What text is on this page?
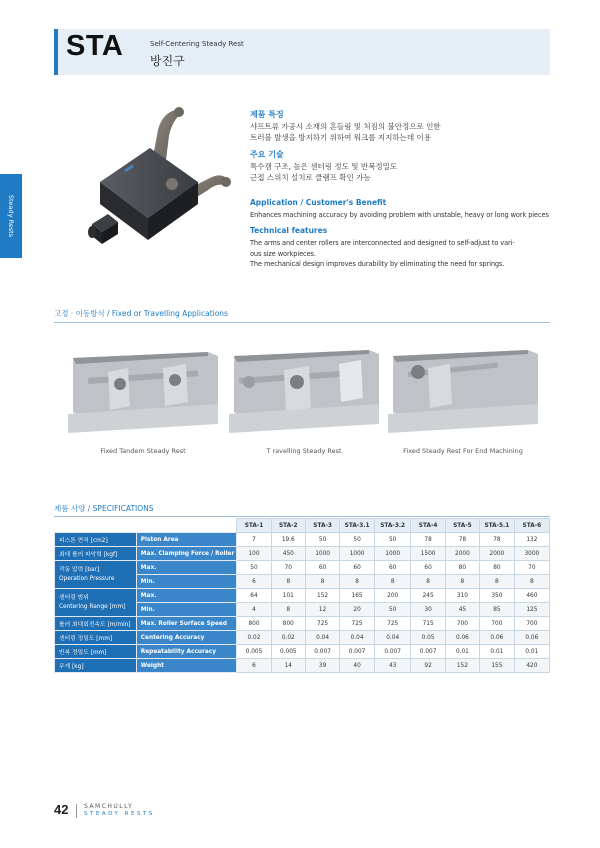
STA	Self-Centering Steady Rest
방진구
Steady Rests
제품 특징
샤프트류 가공시 소재의 흔들림 및 처짐의 불안정으로 인한
트러블 발생을 방지하기 위하여 워크를 지지하는데 이용
주요 기술
특수캠 구조, 높은 센터링 정도 및 반복정밀도
근접 스위치 설치로 클램프 확인 가능
Application / Customer's Benefit
Enhances machining accuracy by avoiding problem with unstable, heavy or long work pieces
Technical features
The arms and center rollers are interconnected and designed to self-adjust to vari-
ous size workpieces.
The mechanical design improves durability by eliminating the need for springs.
고정 · 이동방식 / Fixed or Travelling Applications
Fixed Tandem Steady Rest	T ravelling Steady Rest	Fixed Steady Rest For End Machining
제품 사양 / SPECIFICATIONS
		STA-1	STA-2	STA-3	STA-3.1	STA-3.2	STA-4	STA-5	STA-5.1	STA-6
피스톤 면적 [cm2]	Piston Area	7	19.6	50	50	50	78	78	78	132
최대 롤러 파악력 [kgf]	Max. Clamping Force / Roller	100	450	1000	1000	1000	1500	2000	2000	3000

작동 압력 [bar]
Operation Pressure	Max.	50	70	60	60	60	60	80	80	70
	Min.	6	8	8	8	8	8	8	8	8

센터링 범위
Centering Range [mm]	Max.	64	101	152	165	200	245	310	350	460
	Min.	4	8	12	20	50	30	45	85	125
롤러 최대회전속도 [m/min]	Max. Roller Surface Speed	800	800	725	725	725	715	700	700	700
센터링 정밀도 [mm]	Centering Accuracy	0.02	0.02	0.04	0.04	0.04	0.05	0.06	0.06	0.06
반복 정밀도 [mm]	Repeatability Accuracy	0.005	0.005	0.007	0.007	0.007	0.007	0.01	0.01	0.01
무게 [kg]	Weight	6	14	39	40	43	92	152	155	420
42	SAMCHULLY
STEADY RESTS
